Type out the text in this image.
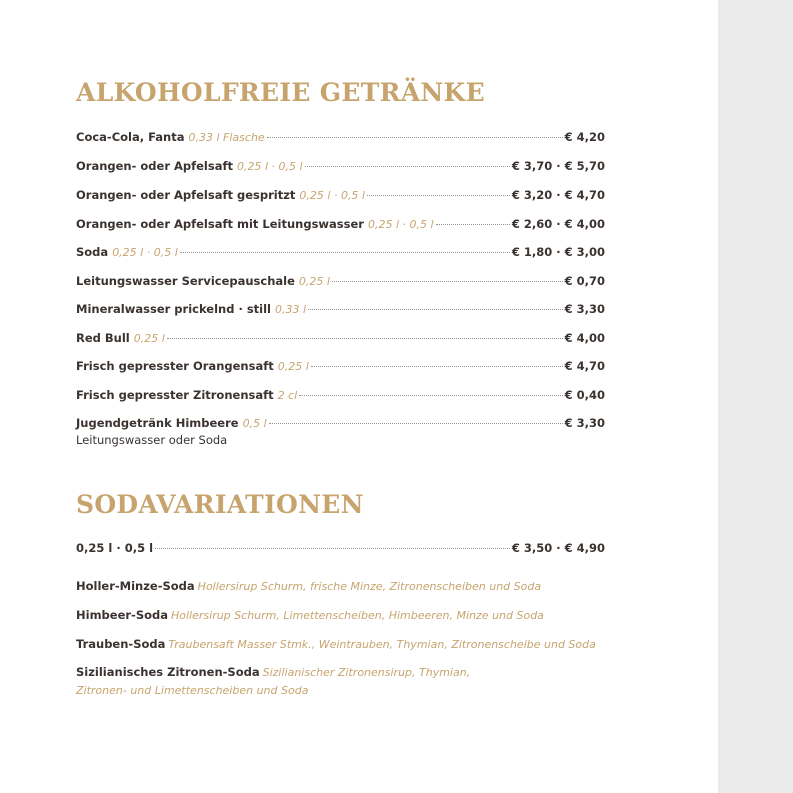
ALKOHOLFREIE GETRÄNKE
Coca-Cola, Fanta 0,33 l Flasche	€ 4,20
Orangen- oder Apfelsaft 0,25 l · 0,5 l	€ 3,70 · € 5,70
Orangen- oder Apfelsaft gespritzt 0,25 l · 0,5 l	€ 3,20 · € 4,70
Orangen- oder Apfelsaft mit Leitungswasser 0,25 l · 0,5 l	€ 2,60 · € 4,00
Soda 0,25 l · 0,5 l	€ 1,80 · € 3,00
Leitungswasser Servicepauschale 0,25 l	€ 0,70
Mineralwasser prickelnd · still 0,33 l	€ 3,30
Red Bull 0,25 l	€ 4,00
Frisch gepresster Orangensaft 0,25 l	€ 4,70
Frisch gepresster Zitronensaft 2 cl	€ 0,40
Jugendgetränk Himbeere 0,5 l	€ 3,30
Leitungswasser oder Soda
SODAVARIATIONEN
0,25 l · 0,5 l	€ 3,50 · € 4,90
Holler-Minze-Soda Hollersirup Schurm, frische Minze, Zitronenscheiben und Soda
Himbeer-Soda Hollersirup Schurm, Limettenscheiben, Himbeeren, Minze und Soda
Trauben-Soda Traubensaft Masser Stmk., Weintrauben, Thymian, Zitronenscheibe und Soda
Sizilianisches Zitronen-Soda Sizilianischer Zitronensirup, Thymian,
Zitronen- und Limettenscheiben und Soda
